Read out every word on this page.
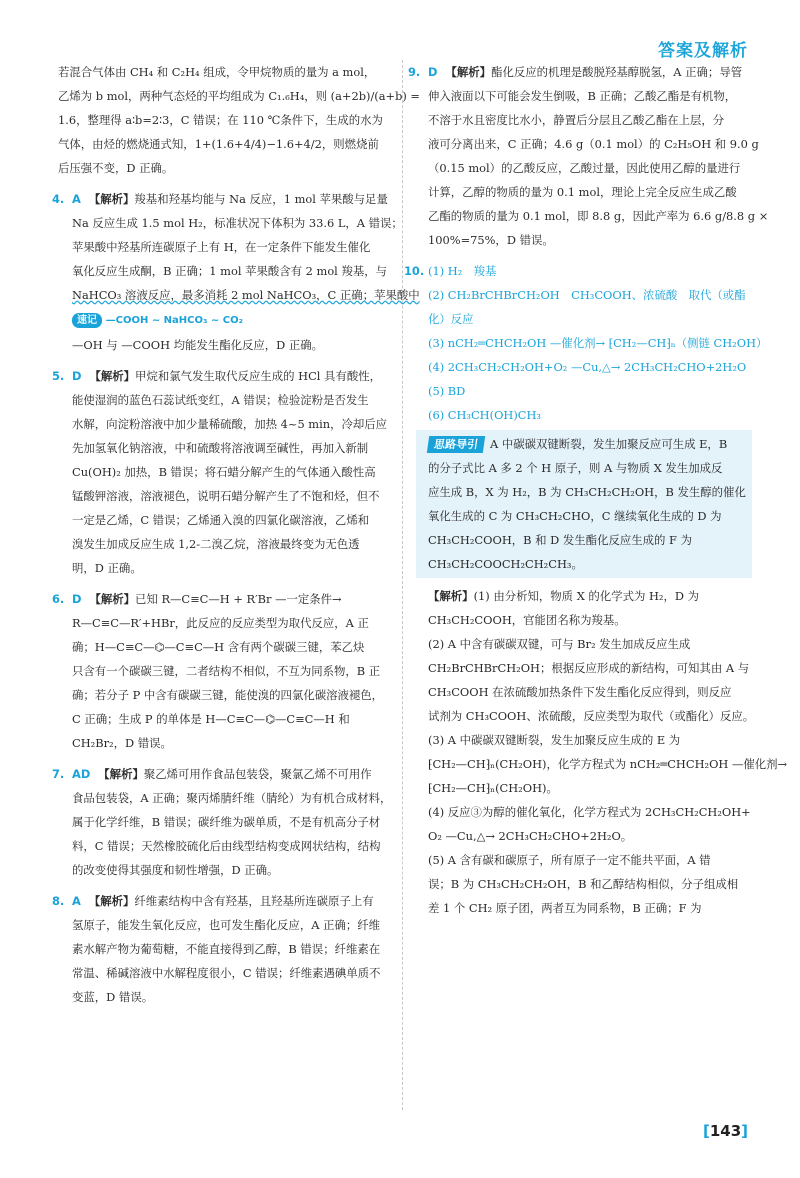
答案及解析
若混合气体由 CH₄ 和 C₂H₄ 组成，令甲烷物质的量为 a mol，
乙烯为 b mol，两种气态烃的平均组成为 C₁.₆H₄，则 (a+2b)/(a+b) =
1.6，整理得 a∶b=2∶3，C 错误；在 110 ℃条件下，生成的水为
气体，由烃的燃烧通式知，1+(1.6+4/4)−1.6+4/2，则燃烧前
后压强不变，D 正确。
4. A 【解析】羧基和羟基均能与 Na 反应，1 mol 苹果酸与足量
Na 反应生成 1.5 mol H₂，标准状况下体积为 33.6 L，A 错误；
苹果酸中羟基所连碳原子上有 H，在一定条件下能发生催化
氧化反应生成酮，B 正确；1 mol 苹果酸含有 2 mol 羧基，与
NaHCO₃ 溶液反应，最多消耗 2 mol NaHCO₃，C 正确；苹果酸中
速记 —COOH ~ NaHCO₃ ~ CO₂
—OH 与 —COOH 均能发生酯化反应，D 正确。
5. D 【解析】甲烷和氯气发生取代反应生成的 HCl 具有酸性，
能使湿润的蓝色石蕊试纸变红，A 错误；检验淀粉是否发生
水解，向淀粉溶液中加少量稀硫酸，加热 4~5 min，冷却后应
先加氢氧化钠溶液，中和硫酸将溶液调至碱性，再加入新制
Cu(OH)₂ 加热，B 错误；将石蜡分解产生的气体通入酸性高
锰酸钾溶液，溶液褪色，说明石蜡分解产生了不饱和烃，但不
一定是乙烯，C 错误；乙烯通入溴的四氯化碳溶液，乙烯和
溴发生加成反应生成 1,2-二溴乙烷，溶液最终变为无色透
明，D 正确。
6. D 【解析】已知 R—C≡C—H + R′Br —一定条件→
R—C≡C—R′+HBr，此反应的反应类型为取代反应，A 正
确；H—C≡C—⌬—C≡C—H 含有两个碳碳三键，苯乙炔
只含有一个碳碳三键，二者结构不相似，不互为同系物，B 正
确；若分子 P 中含有碳碳三键，能使溴的四氯化碳溶液褪色，
C 正确；生成 P 的单体是 H—C≡C—⌬—C≡C—H 和
CH₂Br₂，D 错误。
7. AD 【解析】聚乙烯可用作食品包装袋，聚氯乙烯不可用作
食品包装袋，A 正确；聚丙烯腈纤维（腈纶）为有机合成材料，
属于化学纤维，B 错误；碳纤维为碳单质，不是有机高分子材
料，C 错误；天然橡胶硫化后由线型结构变成网状结构，结构
的改变使得其强度和韧性增强，D 正确。
8. A 【解析】纤维素结构中含有羟基，且羟基所连碳原子上有
氢原子，能发生氧化反应，也可发生酯化反应，A 正确；纤维
素水解产物为葡萄糖，不能直接得到乙醇，B 错误；纤维素在
常温、稀碱溶液中水解程度很小，C 错误；纤维素遇碘单质不
变蓝，D 错误。
9. D 【解析】酯化反应的机理是酸脱羟基醇脱氢，A 正确；导管
伸入液面以下可能会发生倒吸，B 正确；乙酸乙酯是有机物，
不溶于水且密度比水小，静置后分层且乙酸乙酯在上层，分
液可分离出来，C 正确；4.6 g（0.1 mol）的 C₂H₅OH 和 9.0 g
（0.15 mol）的乙酸反应，乙酸过量，因此使用乙醇的量进行
计算，乙醇的物质的量为 0.1 mol，理论上完全反应生成乙酸
乙酯的物质的量为 0.1 mol，即 8.8 g，因此产率为 6.6 g/8.8 g ×
100%=75%，D 错误。
10. (1) H₂　羧基
(2) CH₂BrCHBrCH₂OH　CH₃COOH、浓硫酸　取代（或酯
化）反应
(3) nCH₂═CHCH₂OH —催化剂→ ⁅CH₂—CH⁆ₙ（侧链 CH₂OH）
(4) 2CH₃CH₂CH₂OH+O₂ —Cu,△→ 2CH₃CH₂CHO+2H₂O
(5) BD
(6) CH₃CH(OH)CH₃
思路导引 A 中碳碳双键断裂，发生加聚反应可生成 E，B
的分子式比 A 多 2 个 H 原子，则 A 与物质 X 发生加成反
应生成 B，X 为 H₂，B 为 CH₃CH₂CH₂OH，B 发生醇的催化
氧化生成的 C 为 CH₃CH₂CHO，C 继续氧化生成的 D 为
CH₃CH₂COOH，B 和 D 发生酯化反应生成的 F 为
CH₃CH₂COOCH₂CH₂CH₃。
【解析】(1) 由分析知，物质 X 的化学式为 H₂，D 为
CH₃CH₂COOH，官能团名称为羧基。
(2) A 中含有碳碳双键，可与 Br₂ 发生加成反应生成
CH₂BrCHBrCH₂OH；根据反应形成的新结构，可知其由 A 与
CH₃COOH 在浓硫酸加热条件下发生酯化反应得到，则反应
试剂为 CH₃COOH、浓硫酸，反应类型为取代（或酯化）反应。
(3) A 中碳碳双键断裂，发生加聚反应生成的 E 为
⁅CH₂—CH⁆ₙ(CH₂OH)，化学方程式为 nCH₂═CHCH₂OH —催化剂→
⁅CH₂—CH⁆ₙ(CH₂OH)。
(4) 反应③为醇的催化氧化，化学方程式为 2CH₃CH₂CH₂OH+
O₂ —Cu,△→ 2CH₃CH₂CHO+2H₂O。
(5) A 含有碳和碳原子，所有原子一定不能共平面，A 错
误；B 为 CH₃CH₂CH₂OH，B 和乙醇结构相似，分子组成相
差 1 个 CH₂ 原子团，两者互为同系物，B 正确；F 为
[143]
